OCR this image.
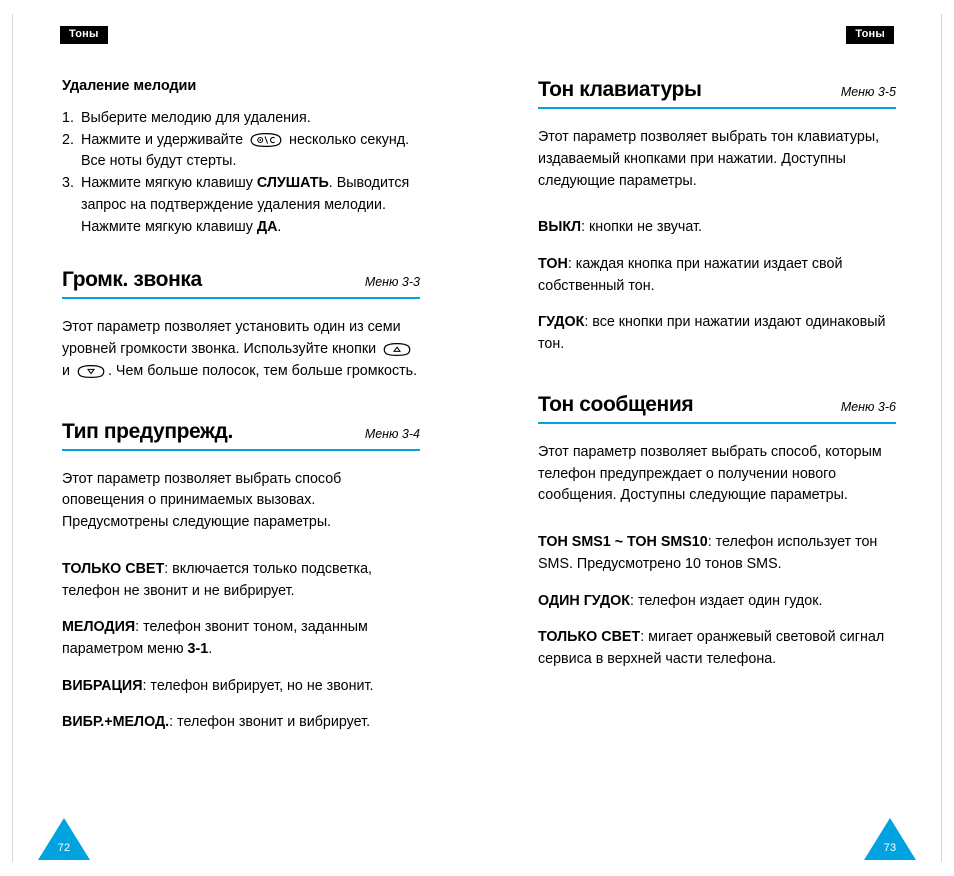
Тоны	Тоны
Удаление мелодии
1. Выберите мелодию для удаления.
2. Нажмите и удерживайте	несколько секунд. Все ноты будут стерты.
3. Нажмите мягкую клавишу СЛУШАТЬ. Выводится запрос на подтверждение удаления мелодии. Нажмите мягкую клавишу ДА.
Громк. звонка	Меню 3-3

Этот параметр позволяет установить один из семи уровней громкости звонка. Используйте кнопки
и
. Чем больше полосок, тем больше громкость.

Тип предупрежд.	Меню 3-4

Этот параметр позволяет выбрать способ оповещения о принимаемых вызовах. Предусмотрены следующие параметры.

ТОЛЬКО СВЕТ: включается только подсветка, телефон не звонит и не вибрирует.

МЕЛОДИЯ: телефон звонит тоном, заданным параметром меню 3-1.

ВИБРАЦИЯ: телефон вибрирует, но не звонит.

ВИБР.+МЕЛОД.: телефон звонит и вибрирует.

Тон клавиатуры	Меню 3-5

Этот параметр позволяет выбрать тон клавиатуры, издаваемый кнопками при нажатии. Доступны следующие параметры.

ВЫКЛ: кнопки не звучат.

ТОН: каждая кнопка при нажатии издает свой собственный тон.

ГУДОК: все кнопки при нажатии издают одинаковый тон.

Тон сообщения	Меню 3-6

Этот параметр позволяет выбрать способ, которым телефон предупреждает о получении нового сообщения. Доступны следующие параметры.

ТОН SMS1 ~ ТОН SMS10: телефон использует тон SMS. Предусмотрено 10 тонов SMS.

ОДИН ГУДОК: телефон издает один гудок.

ТОЛЬКО СВЕТ: мигает оранжевый световой сигнал сервиса в верхней части телефона.

72	73
